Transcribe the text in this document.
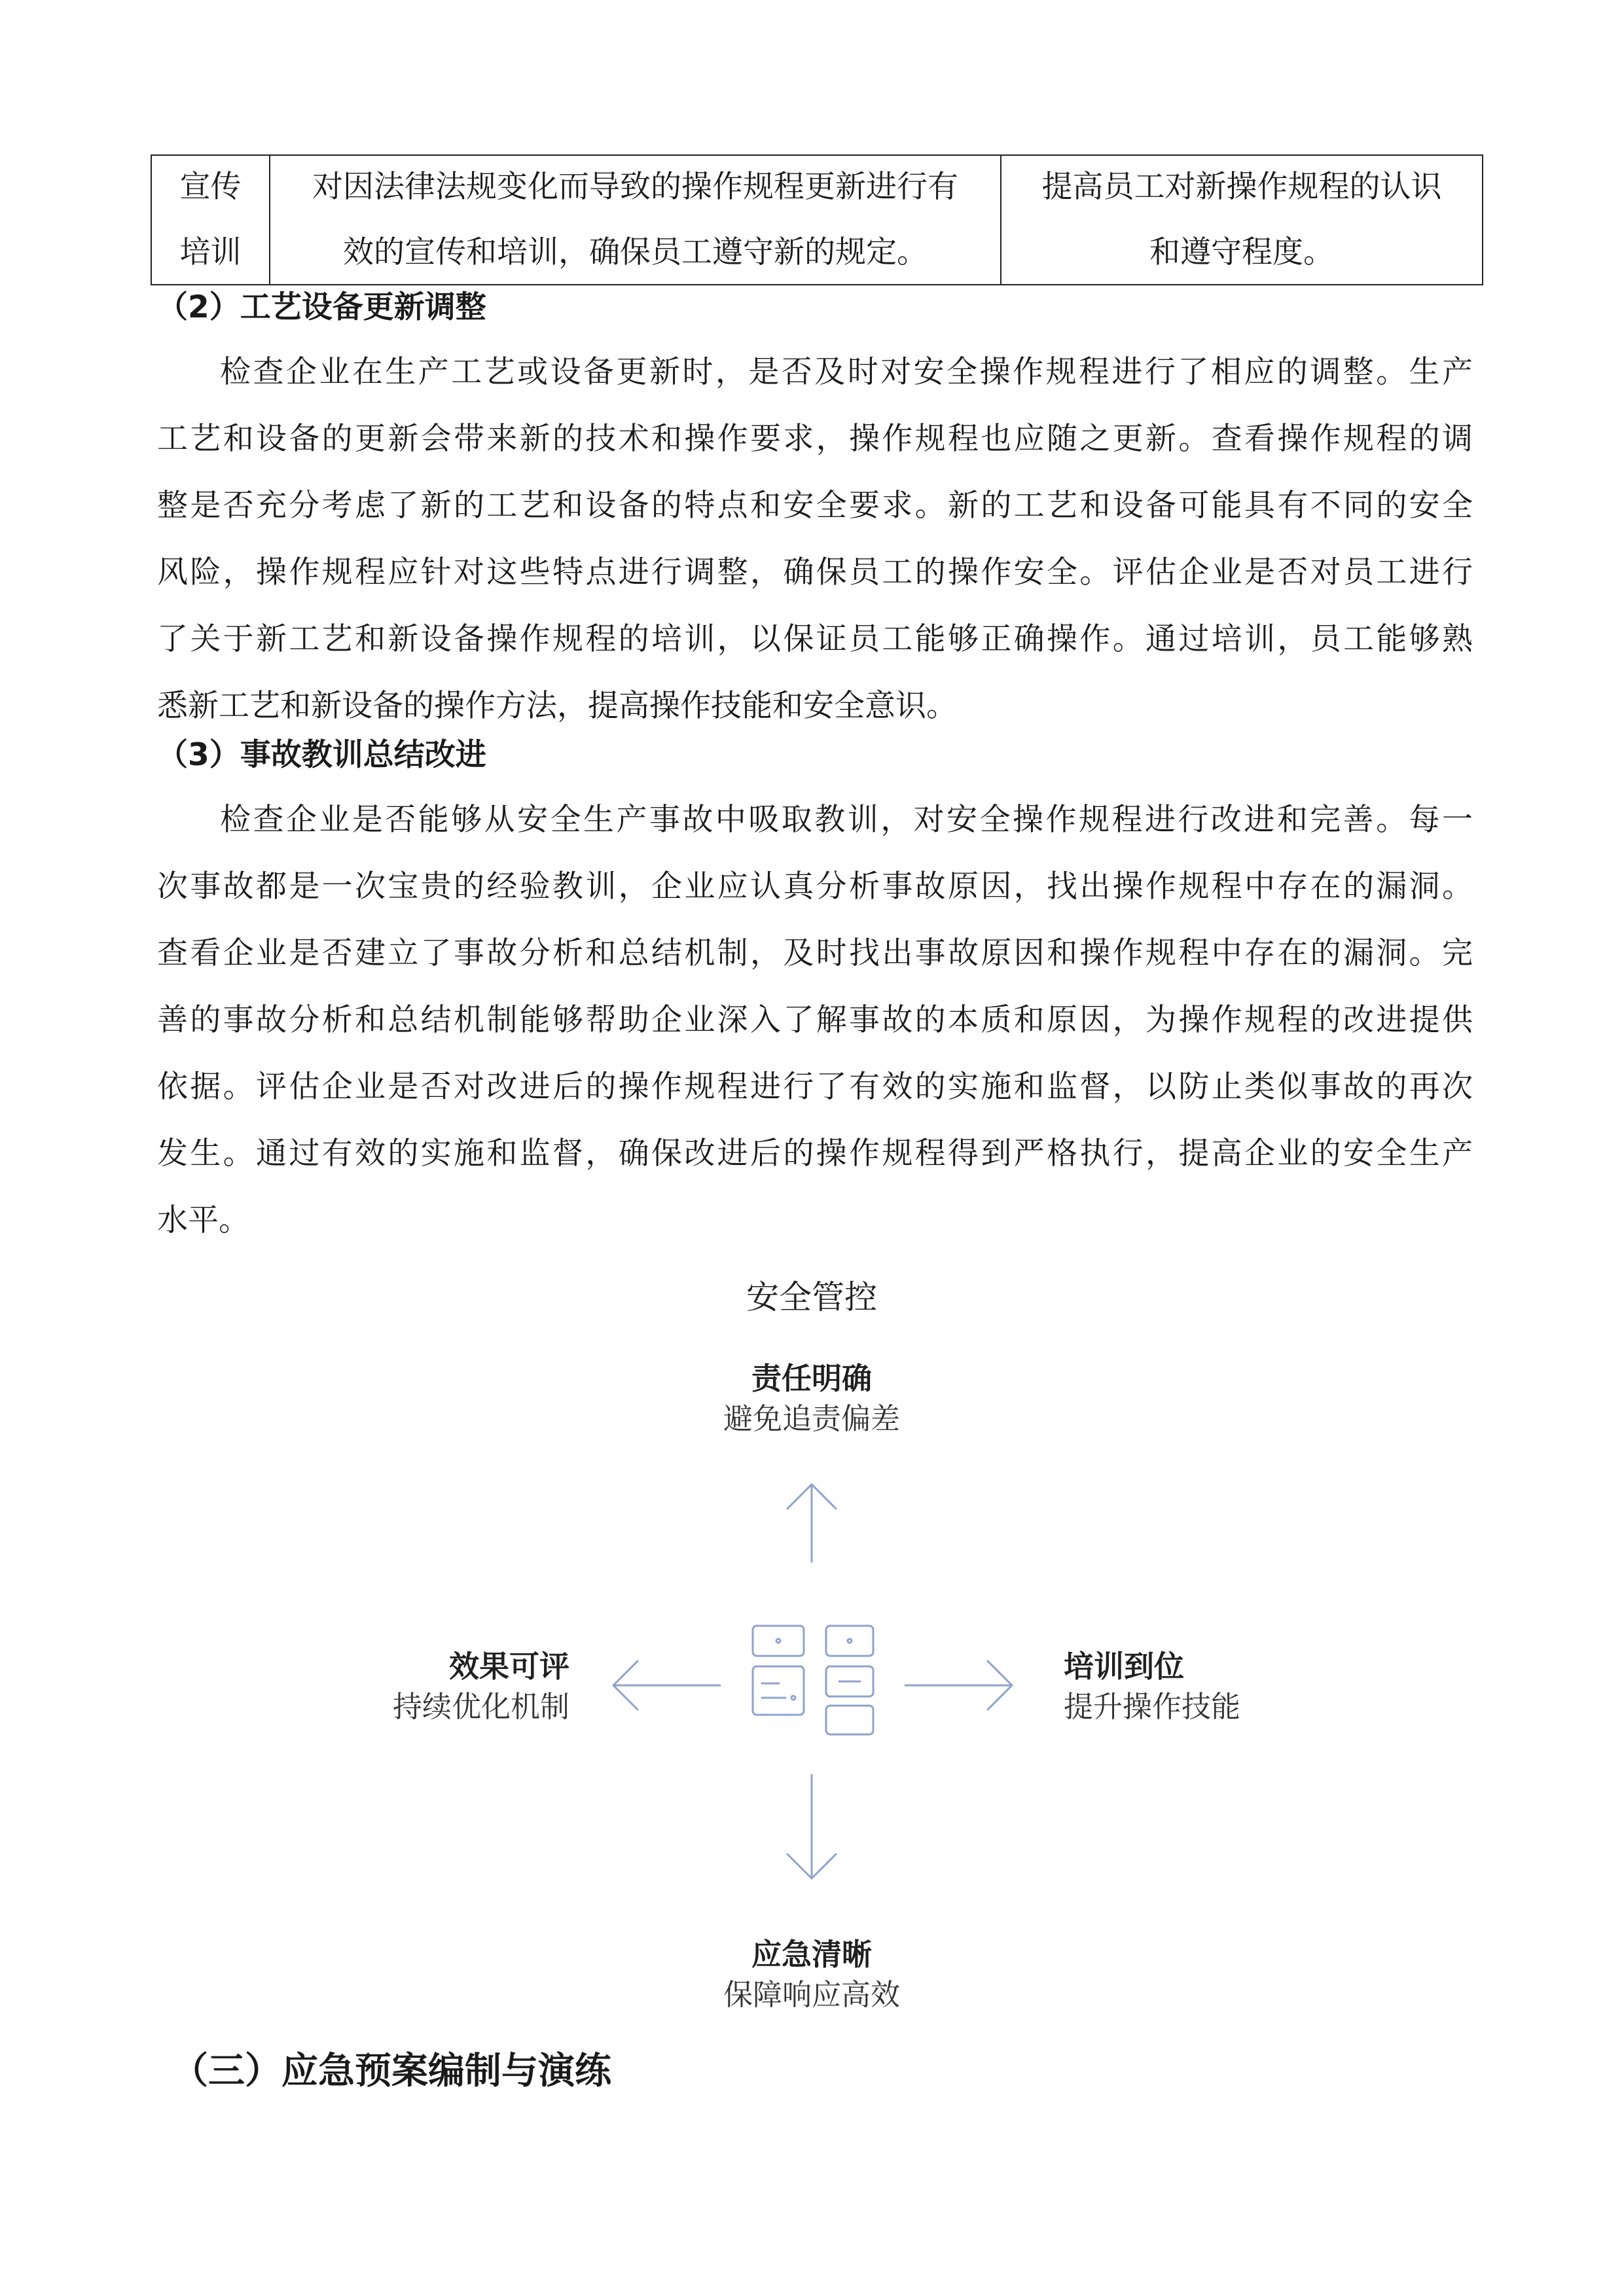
宣传
培训
对因法律法规变化而导致的操作规程更新进行有
效的宣传和培训，确保员工遵守新的规定。
提高员工对新操作规程的认识
和遵守程度。
（2）工艺设备更新调整
检查企业在生产工艺或设备更新时，是否及时对安全操作规程进行了相应的调整。生产
工艺和设备的更新会带来新的技术和操作要求，操作规程也应随之更新。查看操作规程的调
整是否充分考虑了新的工艺和设备的特点和安全要求。新的工艺和设备可能具有不同的安全
风险，操作规程应针对这些特点进行调整，确保员工的操作安全。评估企业是否对员工进行
了关于新工艺和新设备操作规程的培训，以保证员工能够正确操作。通过培训，员工能够熟
悉新工艺和新设备的操作方法，提高操作技能和安全意识。
（3）事故教训总结改进
检查企业是否能够从安全生产事故中吸取教训，对安全操作规程进行改进和完善。每一
次事故都是一次宝贵的经验教训，企业应认真分析事故原因，找出操作规程中存在的漏洞。
查看企业是否建立了事故分析和总结机制，及时找出事故原因和操作规程中存在的漏洞。完
善的事故分析和总结机制能够帮助企业深入了解事故的本质和原因，为操作规程的改进提供
依据。评估企业是否对改进后的操作规程进行了有效的实施和监督，以防止类似事故的再次
发生。通过有效的实施和监督，确保改进后的操作规程得到严格执行，提高企业的安全生产
水平。
安全管控
责任明确
避免追责偏差
效果可评
持续优化机制
培训到位
提升操作技能
应急清晰
保障响应高效
（三）应急预案编制与演练
